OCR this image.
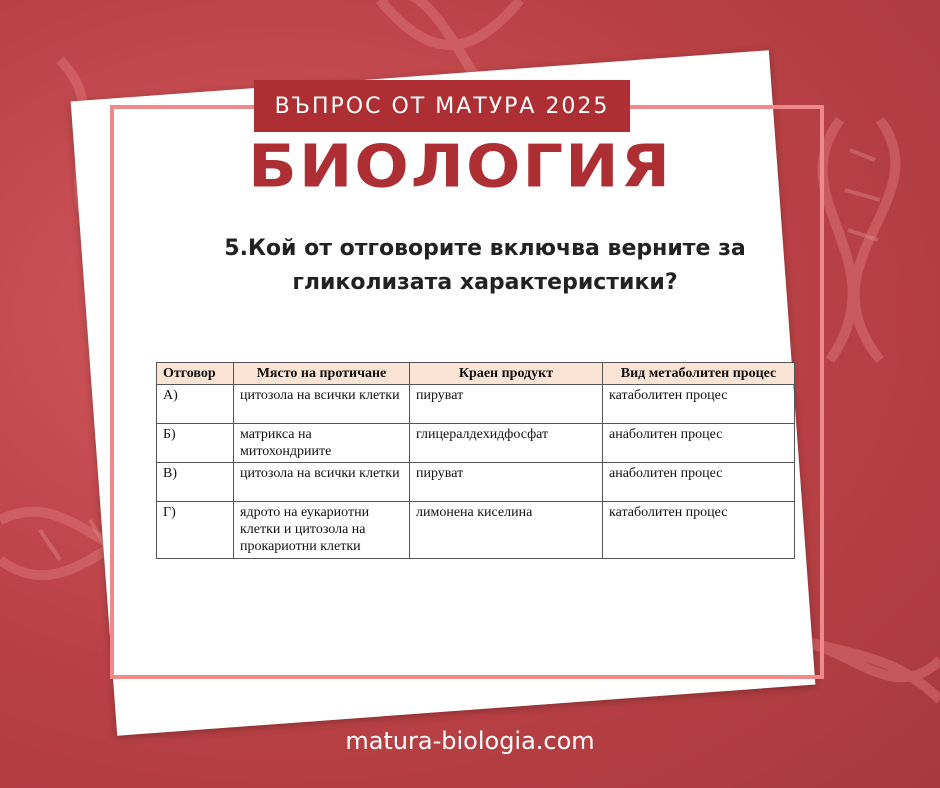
ВЪПРОС ОТ МАТУРА 2025
БИОЛОГИЯ
5.Кой от отговорите включва верните за
гликолизата характеристики?
Отговор	Място на протичане	Краен продукт	Вид метаболитен процес
А)	цитозола на всички клетки	пируват	катаболитен процес
Б)	матрикса на митохондриите	глицералдехидфосфат	анаболитен процес
В)	цитозола на всички клетки	пируват	анаболитен процес
Г)	ядрото на еукариотни клетки и цитозола на прокариотни клетки	лимонена киселина	катаболитен процес
matura-biologia.com
